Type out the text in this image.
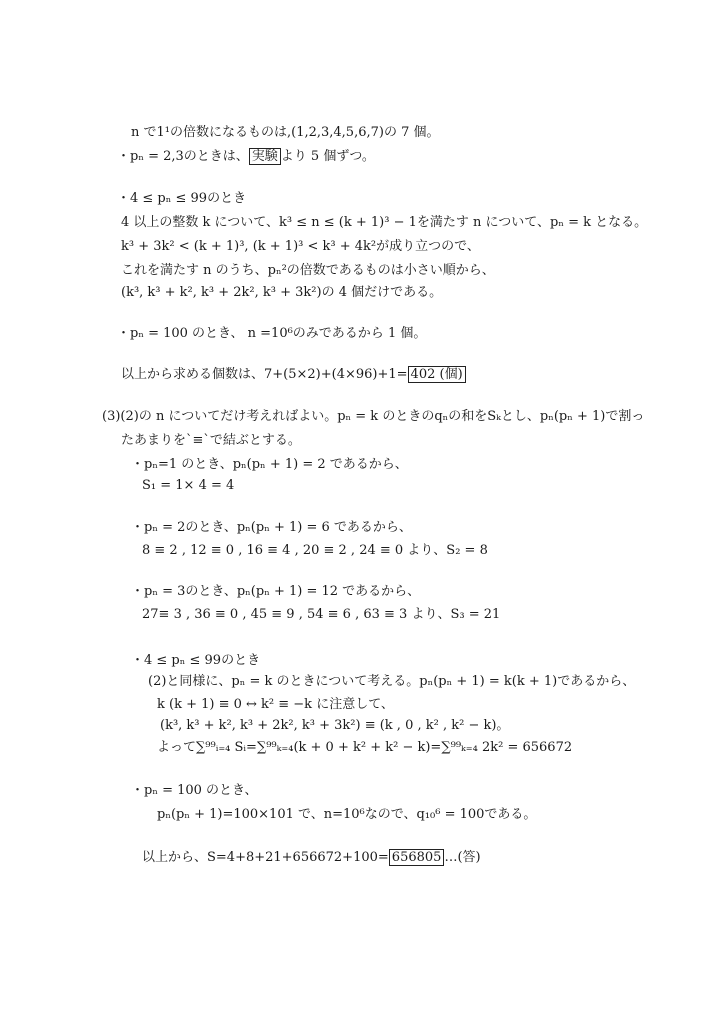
n で1¹の倍数になるものは,(1,2,3,4,5,6,7)の 7 個。
・pₙ = 2,3のときは、 実験 より 5 個ずつ。
・4 ≤ pₙ ≤ 99のとき
4 以上の整数 k について、k³ ≤ n ≤ (k + 1)³ − 1を満たす n について、pₙ = k となる。
k³ + 3k² < (k + 1)³, (k + 1)³ < k³ + 4k²が成り立つので、
これを満たす n のうち、pₙ²の倍数であるものは小さい順から、
(k³, k³ + k², k³ + 2k², k³ + 3k²)の 4 個だけである。
・pₙ = 100 のとき、 n =10⁶のみであるから 1 個。
以上から求める個数は、7+(5×2)+(4×96)+1= 402 (個)
(3)(2)の n についてだけ考えればよい。pₙ = k のときのqₙの和をSₖとし、pₙ(pₙ + 1)で割っ
たあまりを`≡`で結ぶとする。
・pₙ=1 のとき、pₙ(pₙ + 1) = 2 であるから、
S₁ = 1× 4 = 4
・pₙ = 2のとき、pₙ(pₙ + 1) = 6 であるから、
8 ≡ 2 , 12 ≡ 0 , 16 ≡ 4 , 20 ≡ 2 , 24 ≡ 0 より、S₂ = 8
・pₙ = 3のとき、pₙ(pₙ + 1) = 12 であるから、
27≡ 3 , 36 ≡ 0 , 45 ≡ 9 , 54 ≡ 6 , 63 ≡ 3 より、S₃ = 21
・4 ≤ pₙ ≤ 99のとき
(2)と同様に、pₙ = k のときについて考える。pₙ(pₙ + 1) = k(k + 1)であるから、
k (k + 1) ≡ 0 ↔ k² ≡ −k に注意して、
(k³, k³ + k², k³ + 2k², k³ + 3k²) ≡ (k , 0 , k² , k² − k)。
よって∑⁹⁹ᵢ₌₄ Sᵢ=∑⁹⁹ₖ₌₄(k + 0 + k² + k² − k)=∑⁹⁹ₖ₌₄ 2k² = 656672
・pₙ = 100 のとき、
pₙ(pₙ + 1)=100×101 で、n=10⁶なので、q₁₀⁶ = 100である。
以上から、S=4+8+21+656672+100= 656805 …(答)
